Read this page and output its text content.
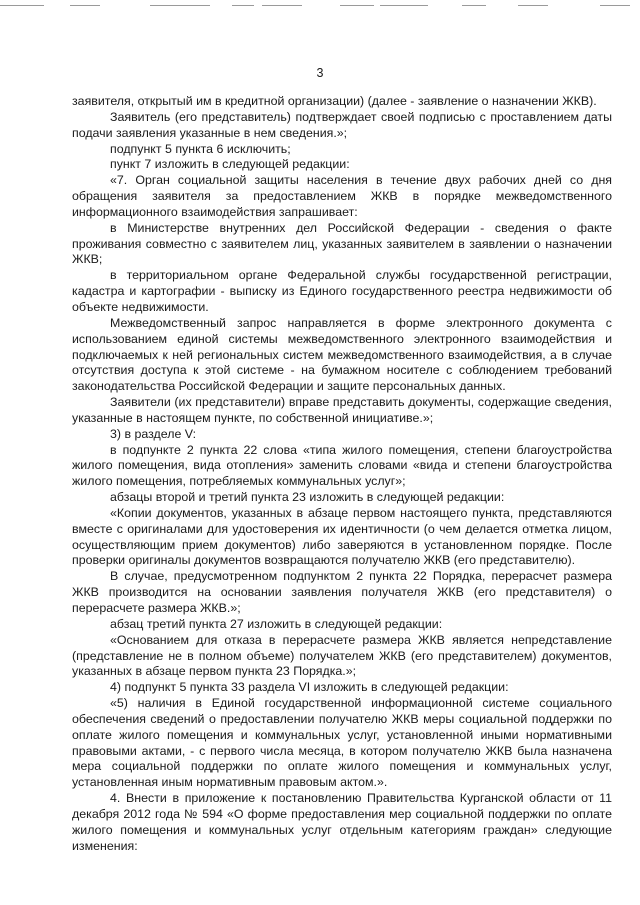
3

заявителя, открытый им в кредитной организации) (далее - заявление о назначении ЖКВ).

Заявитель (его представитель) подтверждает своей подписью с проставлением даты подачи заявления указанные в нем сведения.»;

подпункт 5 пункта 6 исключить;

пункт 7 изложить в следующей редакции:

«7. Орган социальной защиты населения в течение двух рабочих дней со дня обращения заявителя за предоставлением ЖКВ в порядке межведомственного информационного взаимодействия запрашивает:

в Министерстве внутренних дел Российской Федерации - сведения о факте проживания совместно с заявителем лиц, указанных заявителем в заявлении о назначении ЖКВ;

в территориальном органе Федеральной службы государственной регистрации, кадастра и картографии - выписку из Единого государственного реестра недвижимости об объекте недвижимости.

Межведомственный запрос направляется в форме электронного документа с использованием единой системы межведомственного электронного взаимодействия и подключаемых к ней региональных систем межведомственного взаимодействия, а в случае отсутствия доступа к этой системе - на бумажном носителе с соблюдением требований законодательства Российской Федерации и защите персональных данных.

Заявители (их представители) вправе представить документы, содержащие сведения, указанные в настоящем пункте, по собственной инициативе.»;

3) в разделе V:

в подпункте 2 пункта 22 слова «типа жилого помещения, степени благоустройства жилого помещения, вида отопления» заменить словами «вида и степени благоустройства жилого помещения, потребляемых коммунальных услуг»;

абзацы второй и третий пункта 23 изложить в следующей редакции:

«Копии документов, указанных в абзаце первом настоящего пункта, представляются вместе с оригиналами для удостоверения их идентичности (о чем делается отметка лицом, осуществляющим прием документов) либо заверяются в установленном порядке. После проверки оригиналы документов возвращаются получателю ЖКВ (его представителю).

В случае, предусмотренном подпунктом 2 пункта 22 Порядка, перерасчет размера ЖКВ производится на основании заявления получателя ЖКВ (его представителя) о перерасчете размера ЖКВ.»;

абзац третий пункта 27 изложить в следующей редакции:

«Основанием для отказа в перерасчете размера ЖКВ является непредставление (представление не в полном объеме) получателем ЖКВ (его представителем) документов, указанных в абзаце первом пункта 23 Порядка.»;

4) подпункт 5 пункта 33 раздела VI изложить в следующей редакции:

«5) наличия в Единой государственной информационной системе социального обеспечения сведений о предоставлении получателю ЖКВ меры социальной поддержки по оплате жилого помещения и коммунальных услуг, установленной иными нормативными правовыми актами, - с первого числа месяца, в котором получателю ЖКВ была назначена мера социальной поддержки по оплате жилого помещения и коммунальных услуг, установленная иным нормативным правовым актом.».

4. Внести в приложение к постановлению Правительства Курганской области от 11 декабря 2012 года № 594 «О форме предоставления мер социальной поддержки по оплате жилого помещения и коммунальных услуг отдельным категориям граждан» следующие изменения:
